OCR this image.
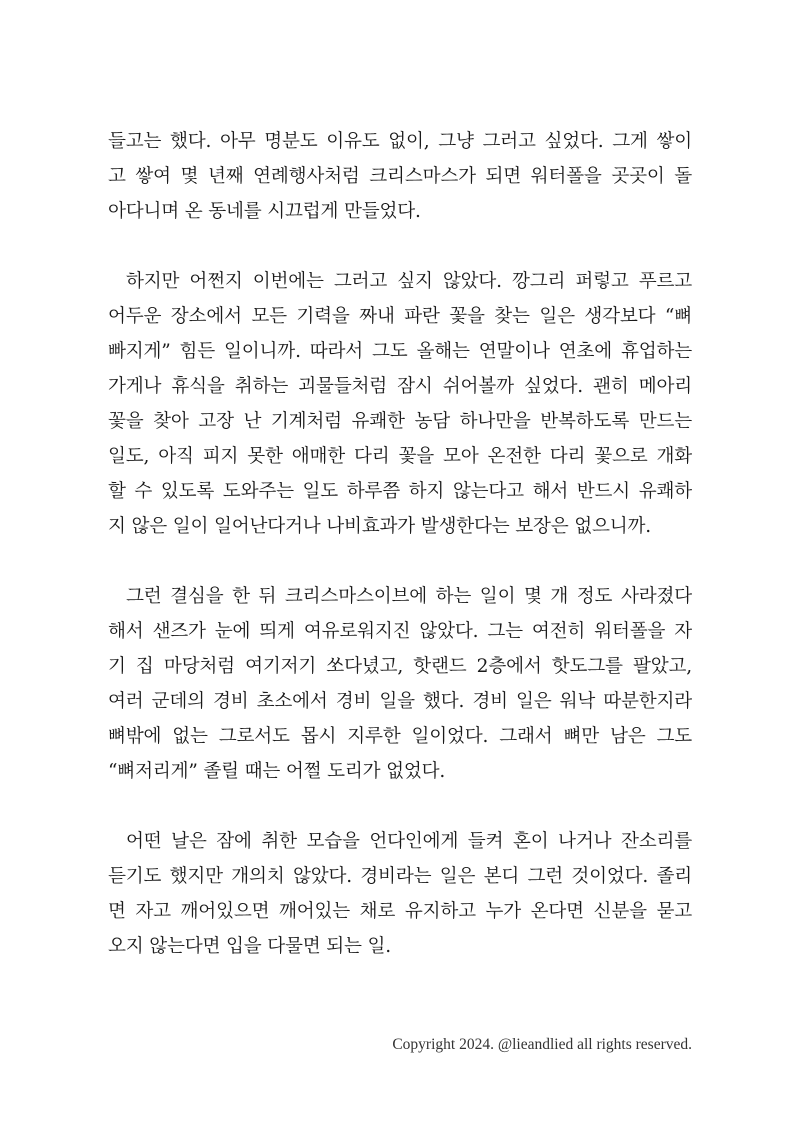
들고는 했다. 아무 명분도 이유도 없이, 그냥 그러고 싶었다. 그게 쌓이
고 쌓여 몇 년째 연례행사처럼 크리스마스가 되면 워터폴을 곳곳이 돌
아다니며 온 동네를 시끄럽게 만들었다.
하지만 어쩐지 이번에는 그러고 싶지 않았다. 깡그리 퍼렇고 푸르고
어두운 장소에서 모든 기력을 짜내 파란 꽃을 찾는 일은 생각보다 “뼈
빠지게” 힘든 일이니까. 따라서 그도 올해는 연말이나 연초에 휴업하는
가게나 휴식을 취하는 괴물들처럼 잠시 쉬어볼까 싶었다. 괜히 메아리
꽃을 찾아 고장 난 기계처럼 유쾌한 농담 하나만을 반복하도록 만드는
일도, 아직 피지 못한 애매한 다리 꽃을 모아 온전한 다리 꽃으로 개화
할 수 있도록 도와주는 일도 하루쯤 하지 않는다고 해서 반드시 유쾌하
지 않은 일이 일어난다거나 나비효과가 발생한다는 보장은 없으니까.
그런 결심을 한 뒤 크리스마스이브에 하는 일이 몇 개 정도 사라졌다
해서 샌즈가 눈에 띄게 여유로워지진 않았다. 그는 여전히 워터폴을 자
기 집 마당처럼 여기저기 쏘다녔고, 핫랜드 2층에서 핫도그를 팔았고,
여러 군데의 경비 초소에서 경비 일을 했다. 경비 일은 워낙 따분한지라
뼈밖에 없는 그로서도 몹시 지루한 일이었다. 그래서 뼈만 남은 그도
“뼈저리게” 졸릴 때는 어쩔 도리가 없었다.
어떤 날은 잠에 취한 모습을 언다인에게 들켜 혼이 나거나 잔소리를
듣기도 했지만 개의치 않았다. 경비라는 일은 본디 그런 것이었다. 졸리
면 자고 깨어있으면 깨어있는 채로 유지하고 누가 온다면 신분을 묻고
오지 않는다면 입을 다물면 되는 일.
Copyright 2024. @lieandlied all rights reserved.
